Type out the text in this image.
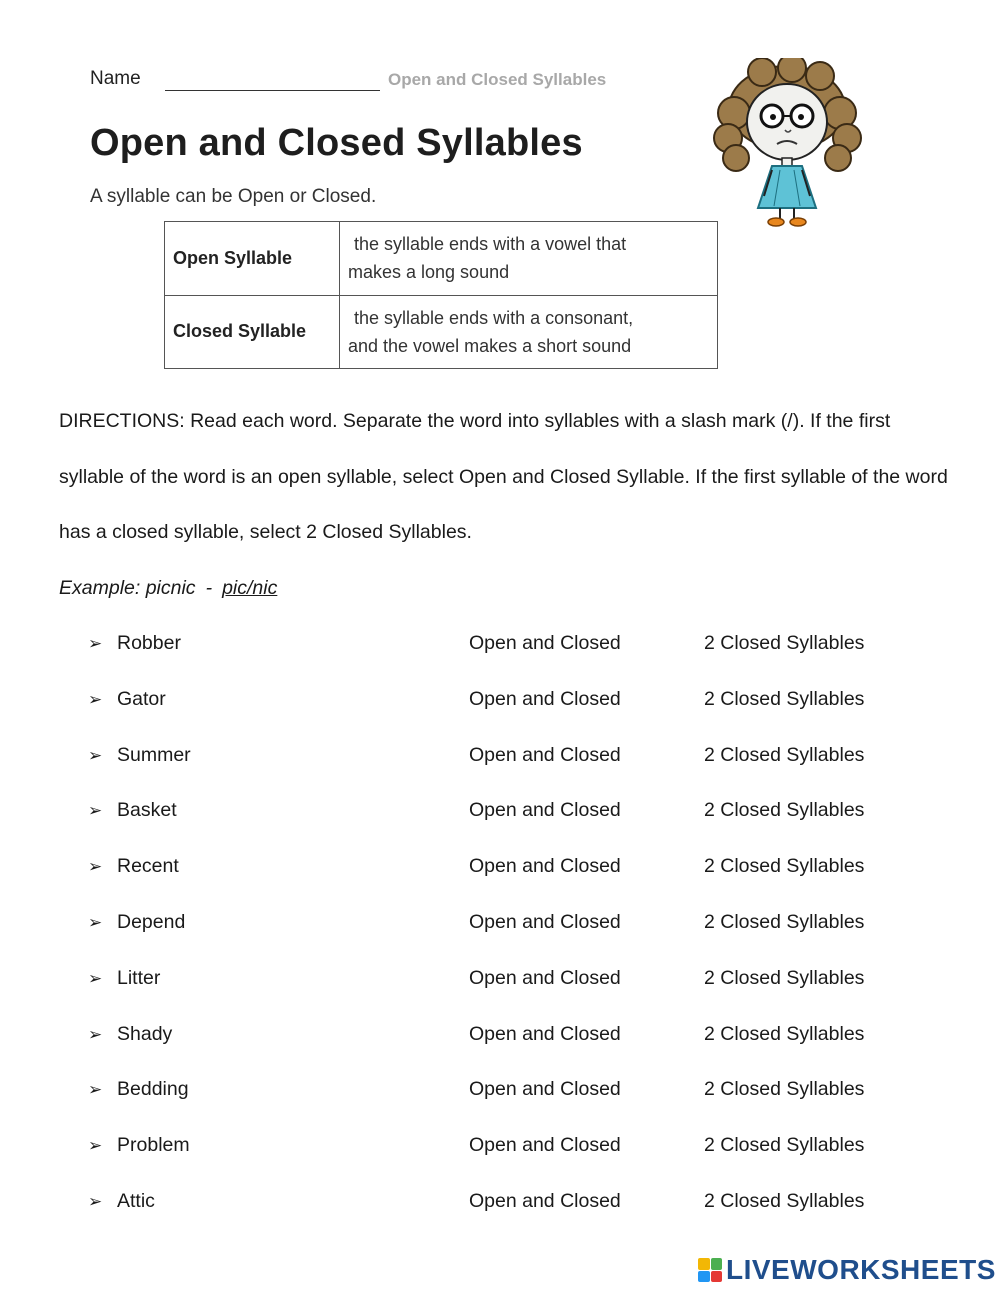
Name	Open and Closed Syllables
Open and Closed Syllables
A syllable can be Open or Closed.
Open Syllable	the syllable ends with a vowel that
makes a long sound

Closed Syllable	the syllable ends with a consonant,
and the vowel makes a short sound
DIRECTIONS: Read each word. Separate the word into syllables with a slash mark (/). If the first syllable of the word is an open syllable, select Open and Closed Syllable. If the first syllable of the word has a closed syllable, select 2 Closed Syllables.
Example: picnic - pic/nic
➢ Robber	Open and Closed	2 Closed Syllables
➢ Gator	Open and Closed	2 Closed Syllables
➢ Summer	Open and Closed	2 Closed Syllables
➢ Basket	Open and Closed	2 Closed Syllables
➢ Recent	Open and Closed	2 Closed Syllables
➢ Depend	Open and Closed	2 Closed Syllables
➢ Litter	Open and Closed	2 Closed Syllables
➢ Shady	Open and Closed	2 Closed Syllables
➢ Bedding	Open and Closed	2 Closed Syllables
➢ Problem	Open and Closed	2 Closed Syllables
➢ Attic	Open and Closed	2 Closed Syllables
LIVEWORKSHEETS
